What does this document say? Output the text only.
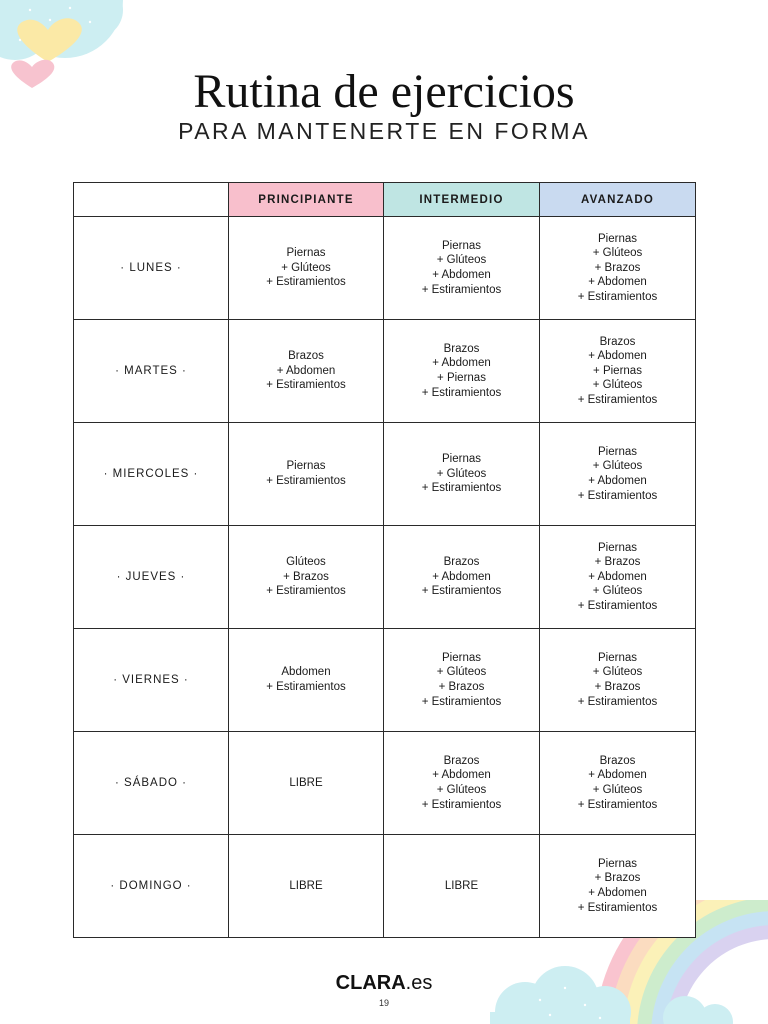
Rutina de ejercicios
PARA MANTENERTE EN FORMA
	PRINCIPIANTE	INTERMEDIO	AVANZADO
· LUNES ·	Piernas
+ Glúteos
+ Estiramientos	Piernas
+ Glúteos
+ Abdomen
+ Estiramientos	Piernas
+ Glúteos
+ Brazos
+ Abdomen
+ Estiramientos

· MARTES ·	Brazos
+ Abdomen
+ Estiramientos	Brazos
+ Abdomen
+ Piernas
+ Estiramientos	Brazos
+ Abdomen
+ Piernas
+ Glúteos
+ Estiramientos

· MIERCOLES ·	Piernas
+ Estiramientos	Piernas
+ Glúteos
+ Estiramientos	Piernas
+ Glúteos
+ Abdomen
+ Estiramientos

· JUEVES ·	Glúteos
+ Brazos
+ Estiramientos	Brazos
+ Abdomen
+ Estiramientos	Piernas
+ Brazos
+ Abdomen
+ Glúteos
+ Estiramientos

· VIERNES ·	Abdomen
+ Estiramientos	Piernas
+ Glúteos
+ Brazos
+ Estiramientos	Piernas
+ Glúteos
+ Brazos
+ Estiramientos

· SÁBADO ·	LIBRE	Brazos
+ Abdomen
+ Glúteos
+ Estiramientos	Brazos
+ Abdomen
+ Glúteos
+ Estiramientos

· DOMINGO ·	LIBRE	LIBRE	Piernas
+ Brazos
+ Abdomen
+ Estiramientos
CLARA.es
19
